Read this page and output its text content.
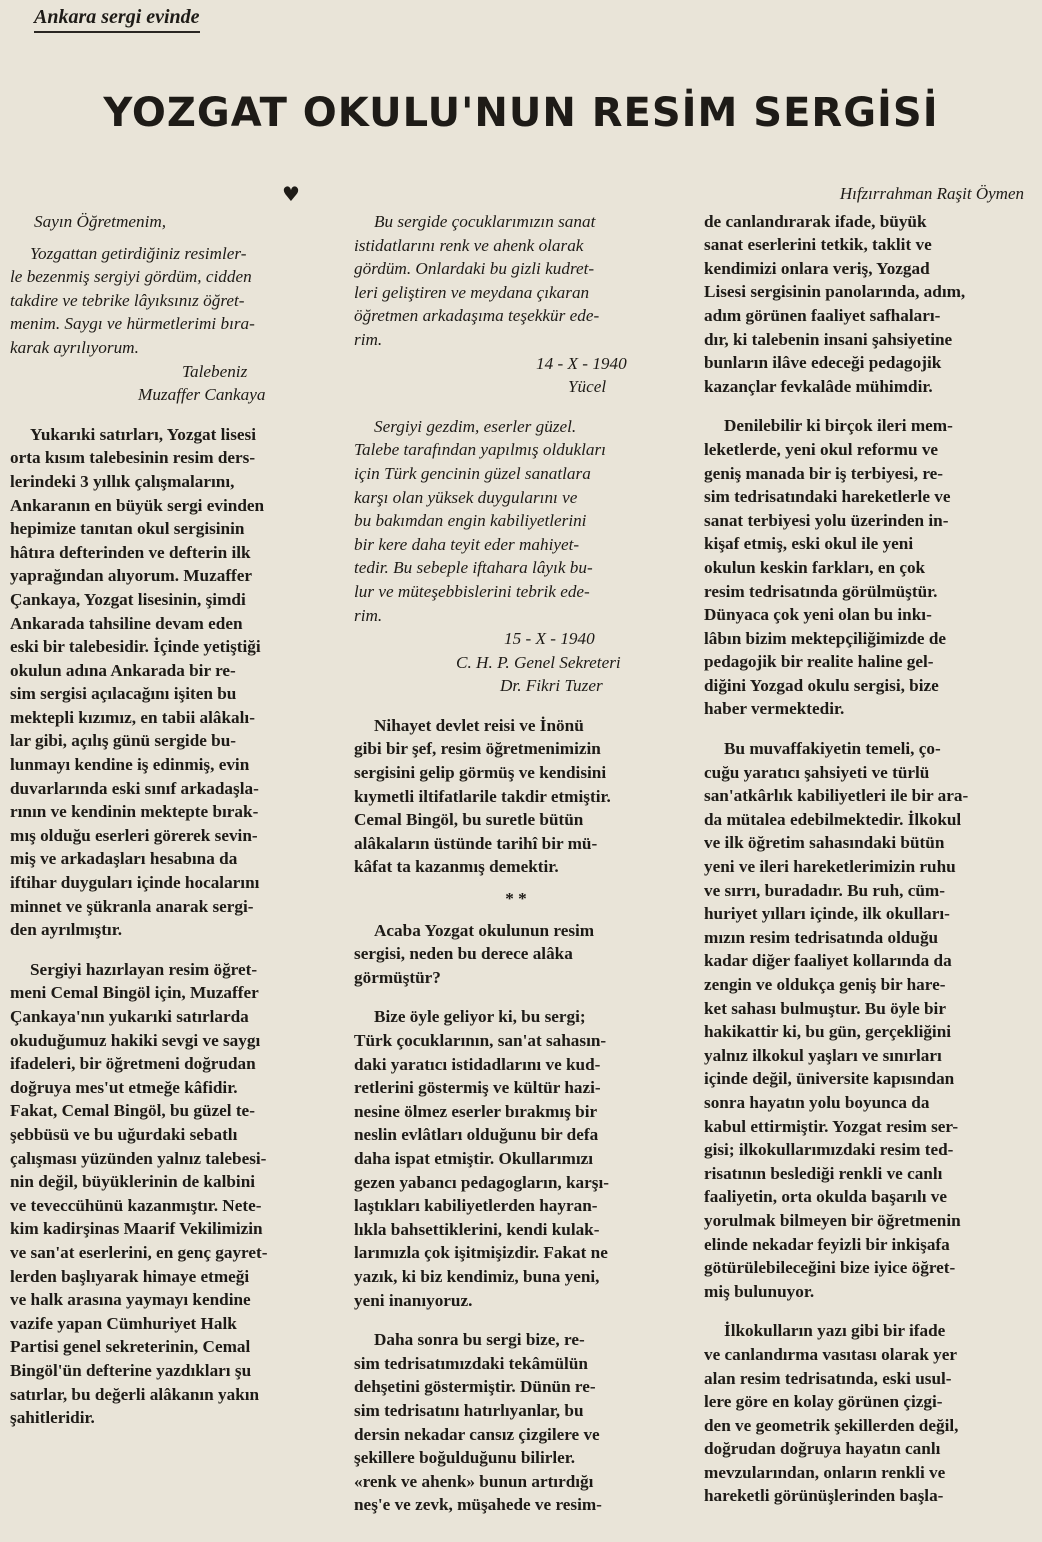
Ankara sergi evinde
YOZGAT OKULU'NUN RESİM SERGİSİ
♥

Sayın Öğretmenim,

Yozgattan getirdiğiniz resimler-
le bezenmiş sergiyi gördüm, cidden
takdire ve tebrike lâyıksınız öğret-
menim. Saygı ve hürmetlerimi bıra-
karak ayrılıyorum.

Talebeniz

Muzaffer Cankaya

Yukarıki satırları, Yozgat lisesi
orta kısım talebesinin resim ders-
lerindeki 3 yıllık çalışmalarını,
Ankaranın en büyük sergi evinden
hepimize tanıtan okul sergisinin
hâtıra defterinden ve defterin ilk
yaprağından alıyorum. Muzaffer
Çankaya, Yozgat lisesinin, şimdi
Ankarada tahsiline devam eden
eski bir talebesidir. İçinde yetiştiği
okulun adına Ankarada bir re-
sim sergisi açılacağını işiten bu
mektepli kızımız, en tabii alâkalı-
lar gibi, açılış günü sergide bu-
lunmayı kendine iş edinmiş, evin
duvarlarında eski sınıf arkadaşla-
rının ve kendinin mektepte bırak-
mış olduğu eserleri görerek sevin-
miş ve arkadaşları hesabına da
iftihar duyguları içinde hocalarını
minnet ve şükranla anarak sergi-
den ayrılmıştır.

Sergiyi hazırlayan resim öğret-
meni Cemal Bingöl için, Muzaffer
Çankaya'nın yukarıki satırlarda
okuduğumuz hakiki sevgi ve saygı
ifadeleri, bir öğretmeni doğrudan
doğruya mes'ut etmeğe kâfidir.
Fakat, Cemal Bingöl, bu güzel te-
şebbüsü ve bu uğurdaki sebatlı
çalışması yüzünden yalnız talebesi-
nin değil, büyüklerinin de kalbini
ve teveccühünü kazanmıştır. Nete-
kim kadirşinas Maarif Vekilimizin
ve san'at eserlerini, en genç gayret-
lerden başlıyarak himaye etmeği
ve halk arasına yaymayı kendine
vazife yapan Cümhuriyet Halk
Partisi genel sekreterinin, Cemal
Bingöl'ün defterine yazdıkları şu
satırlar, bu değerli alâkanın yakın
şahitleridir.

Bu sergide çocuklarımızın sanat
istidatlarını renk ve ahenk olarak
gördüm. Onlardaki bu gizli kudret-
leri geliştiren ve meydana çıkaran
öğretmen arkadaşıma teşekkür ede-
rim.

14 - X - 1940

Yücel

Sergiyi gezdim, eserler güzel.
Talebe tarafından yapılmış oldukları
için Türk gencinin güzel sanatlara
karşı olan yüksek duygularını ve
bu bakımdan engin kabiliyetlerini
bir kere daha teyit eder mahiyet-
tedir. Bu sebeple iftahara lâyık bu-
lur ve müteşebbislerini tebrik ede-
rim.

15 - X - 1940

C. H. P. Genel Sekreteri

Dr. Fikri Tuzer

Nihayet devlet reisi ve İnönü
gibi bir şef, resim öğretmenimizin
sergisini gelip görmüş ve kendisini
kıymetli iltifatlarile takdir etmiştir.
Cemal Bingöl, bu suretle bütün
alâkaların üstünde tarihî bir mü-
kâfat ta kazanmış demektir.

* *

Acaba Yozgat okulunun resim
sergisi, neden bu derece alâka
görmüştür?

Bize öyle geliyor ki, bu sergi;
Türk çocuklarının, san'at sahasın-
daki yaratıcı istidadlarını ve kud-
retlerini göstermiş ve kültür hazi-
nesine ölmez eserler bırakmış bir
neslin evlâtları olduğunu bir defa
daha ispat etmiştir. Okullarımızı
gezen yabancı pedagogların, karşı-
laştıkları kabiliyetlerden hayran-
lıkla bahsettiklerini, kendi kulak-
larımızla çok işitmişizdir. Fakat ne
yazık, ki biz kendimiz, buna yeni,
yeni inanıyoruz.

Daha sonra bu sergi bize, re-
sim tedrisatımızdaki tekâmülün
dehşetini göstermiştir. Dünün re-
sim tedrisatını hatırlıyanlar, bu
dersin nekadar cansız çizgilere ve
şekillere boğulduğunu bilirler.
«renk ve ahenk» bunun artırdığı
neş'e ve zevk, müşahede ve resim-

Hıfzırrahman Raşit Öymen

de canlandırarak ifade, büyük
sanat eserlerini tetkik, taklit ve
kendimizi onlara veriş, Yozgad
Lisesi sergisinin panolarında, adım,
adım görünen faaliyet safhaları-
dır, ki talebenin insani şahsiyetine
bunların ilâve edeceği pedagojik
kazançlar fevkalâde mühimdir.

Denilebilir ki birçok ileri mem-
leketlerde, yeni okul reformu ve
geniş manada bir iş terbiyesi, re-
sim tedrisatındaki hareketlerle ve
sanat terbiyesi yolu üzerinden in-
kişaf etmiş, eski okul ile yeni
okulun keskin farkları, en çok
resim tedrisatında görülmüştür.
Dünyaca çok yeni olan bu inkı-
lâbın bizim mektepçiliğimizde de
pedagojik bir realite haline gel-
diğini Yozgad okulu sergisi, bize
haber vermektedir.

Bu muvaffakiyetin temeli, ço-
cuğu yaratıcı şahsiyeti ve türlü
san'atkârlık kabiliyetleri ile bir ara-
da mütalea edebilmektedir. İlkokul
ve ilk öğretim sahasındaki bütün
yeni ve ileri hareketlerimizin ruhu
ve sırrı, buradadır. Bu ruh, cüm-
huriyet yılları içinde, ilk okulları-
mızın resim tedrisatında olduğu
kadar diğer faaliyet kollarında da
zengin ve oldukça geniş bir hare-
ket sahası bulmuştur. Bu öyle bir
hakikattir ki, bu gün, gerçekliğini
yalnız ilkokul yaşları ve sınırları
içinde değil, üniversite kapısından
sonra hayatın yolu boyunca da
kabul ettirmiştir. Yozgat resim ser-
gisi; ilkokullarımızdaki resim ted-
risatının beslediği renkli ve canlı
faaliyetin, orta okulda başarılı ve
yorulmak bilmeyen bir öğretmenin
elinde nekadar feyizli bir inkişafa
götürülebileceğini bize iyice öğret-
miş bulunuyor.

İlkokulların yazı gibi bir ifade
ve canlandırma vasıtası olarak yer
alan resim tedrisatında, eski usul-
lere göre en kolay görünen çizgi-
den ve geometrik şekillerden değil,
doğrudan doğruya hayatın canlı
mevzularından, onların renkli ve
hareketli görünüşlerinden başla-
